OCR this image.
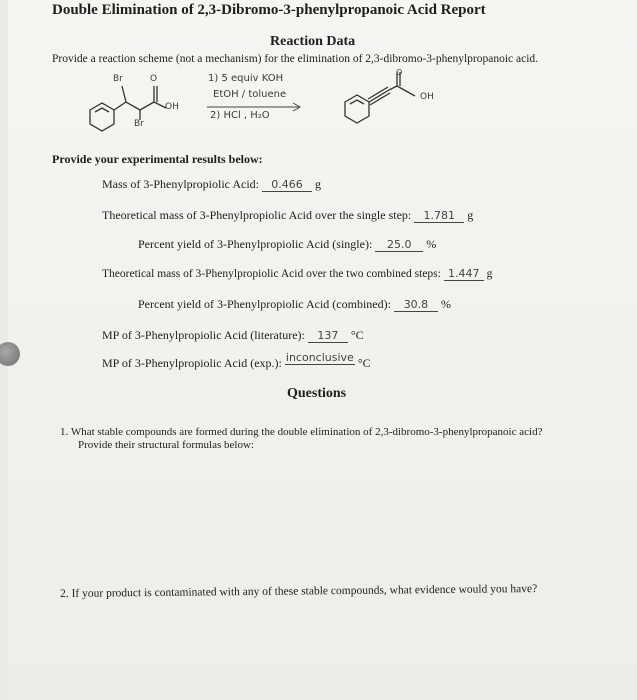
Double Elimination of 2,3-Dibromo-3-phenylpropanoic Acid Report
Reaction Data
Provide a reaction scheme (not a mechanism) for the elimination of 2,3-dibromo-3-phenylpropanoic acid.
Br	O
OH
Br
1) 5 equiv KOH
EtOH / toluene
2) HCl , H₂O
O
OH
Provide your experimental results below:
Mass of 3-Phenylpropiolic Acid: 0.466 g
Theoretical mass of 3-Phenylpropiolic Acid over the single step: 1.781 g
Percent yield of 3-Phenylpropiolic Acid (single): 25.0 %
Theoretical mass of 3-Phenylpropiolic Acid over the two combined steps: 1.447 g
Percent yield of 3-Phenylpropiolic Acid (combined): 30.8 %
MP of 3-Phenylpropiolic Acid (literature): 137 °C
MP of 3-Phenylpropiolic Acid (exp.): inconclusive °C
Questions
1. What stable compounds are formed during the double elimination of 2,3-dibromo-3-phenylpropanoic acid?
Provide their structural formulas below:
2. If your product is contaminated with any of these stable compounds, what evidence would you have?
